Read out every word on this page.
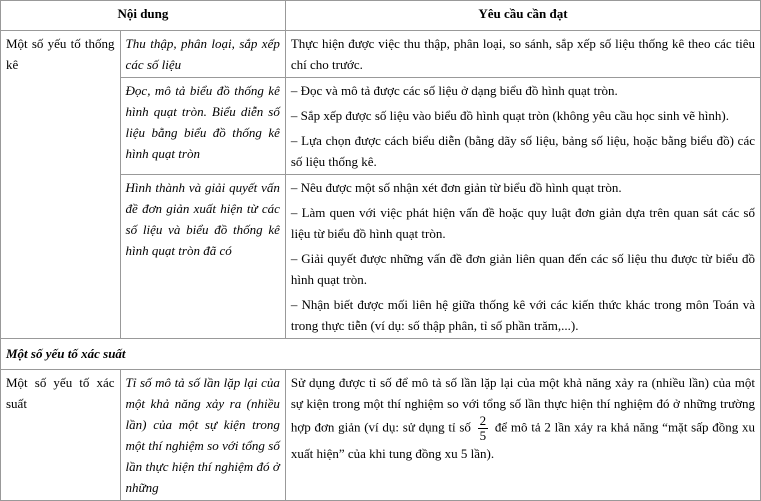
Nội dung		Yêu cầu cần đạt

Một số yếu tố thống kê	Thu thập, phân loại, sắp xếp các số liệu	Thực hiện được việc thu thập, phân loại, so sánh, sắp xếp số liệu thống kê theo các tiêu chí cho trước.

	Đọc, mô tả biểu đồ thống kê hình quạt tròn. Biểu diễn số liệu bằng biểu đồ thống kê hình quạt tròn	– Đọc và mô tả được các số liệu ở dạng biểu đồ hình quạt tròn.

– Sắp xếp được số liệu vào biểu đồ hình quạt tròn (không yêu cầu học sinh vẽ hình).

– Lựa chọn được cách biểu diễn (bằng dãy số liệu, bảng số liệu, hoặc bằng biểu đồ) các số liệu thống kê.

	Hình thành và giải quyết vấn đề đơn giản xuất hiện từ các số liệu và biểu đồ thống kê hình quạt tròn đã có	– Nêu được một số nhận xét đơn giản từ biểu đồ hình quạt tròn.

– Làm quen với việc phát hiện vấn đề hoặc quy luật đơn giản dựa trên quan sát các số liệu từ biểu đồ hình quạt tròn.

– Giải quyết được những vấn đề đơn giản liên quan đến các số liệu thu được từ biểu đồ hình quạt tròn.

– Nhận biết được mối liên hệ giữa thống kê với các kiến thức khác trong môn Toán và trong thực tiễn (ví dụ: số thập phân, tỉ số phần trăm,...).

Một số yếu tố xác suất		

Một số yếu tố xác suất	Tỉ số mô tả số lần lặp lại của một khả năng xảy ra (nhiều lần) của một sự kiện trong một thí nghiệm so với tổng số lần thực hiện thí nghiệm đó ở những	Sử dụng được tỉ số để mô tả số lần lặp lại của một khả năng xảy ra (nhiều lần) của một sự kiện trong một thí nghiệm so với tổng số lần thực hiện thí nghiệm đó ở những trường hợp đơn giản (ví dụ: sử dụng tỉ số $\frac{2}{5}$ để mô tả 2 lần xảy ra khả năng “mặt sấp đồng xu xuất hiện” của khi tung đồng xu 5 lần).
